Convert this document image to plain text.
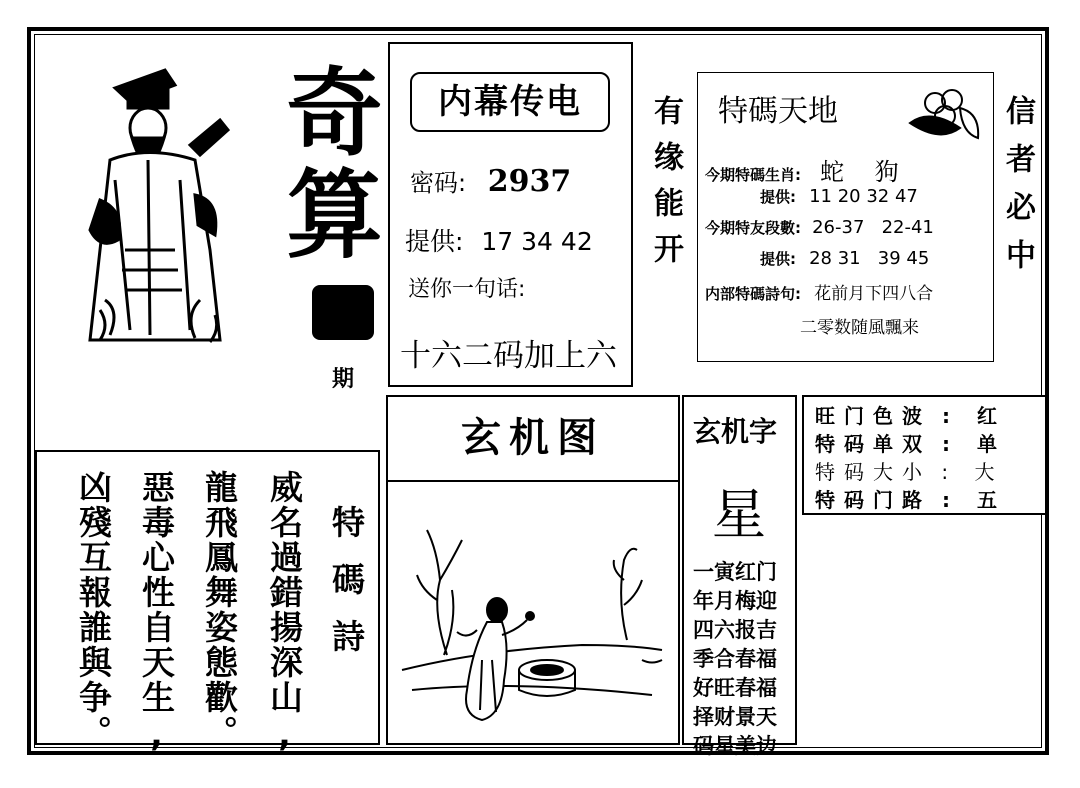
奇算
期
内幕传电
密码: 2937
提供: 17 34 42
送你一句话:
十六二码加上六
有缘能开	信者必中
特碼天地
今期特碼生肖: 蛇    狗
提供: 11 20 32 47
今期特友段數: 26-37   22-41
提供: 28 31   39 45
内部特碼詩句: 花前月下四八合
二零数随風飄来
旺门色波 : 红
特码单双 : 单
特码大小 : 大
特码门路 : 五
玄机图	玄机字
星
一寅红门
年月梅迎
四六报吉
季合春福
好旺春福
择财景天
码星美边
特碼詩
威名過錯揚深山,
龍飛鳳舞姿態歡。
惡毒心性自天生,
凶殘互報誰與争。
